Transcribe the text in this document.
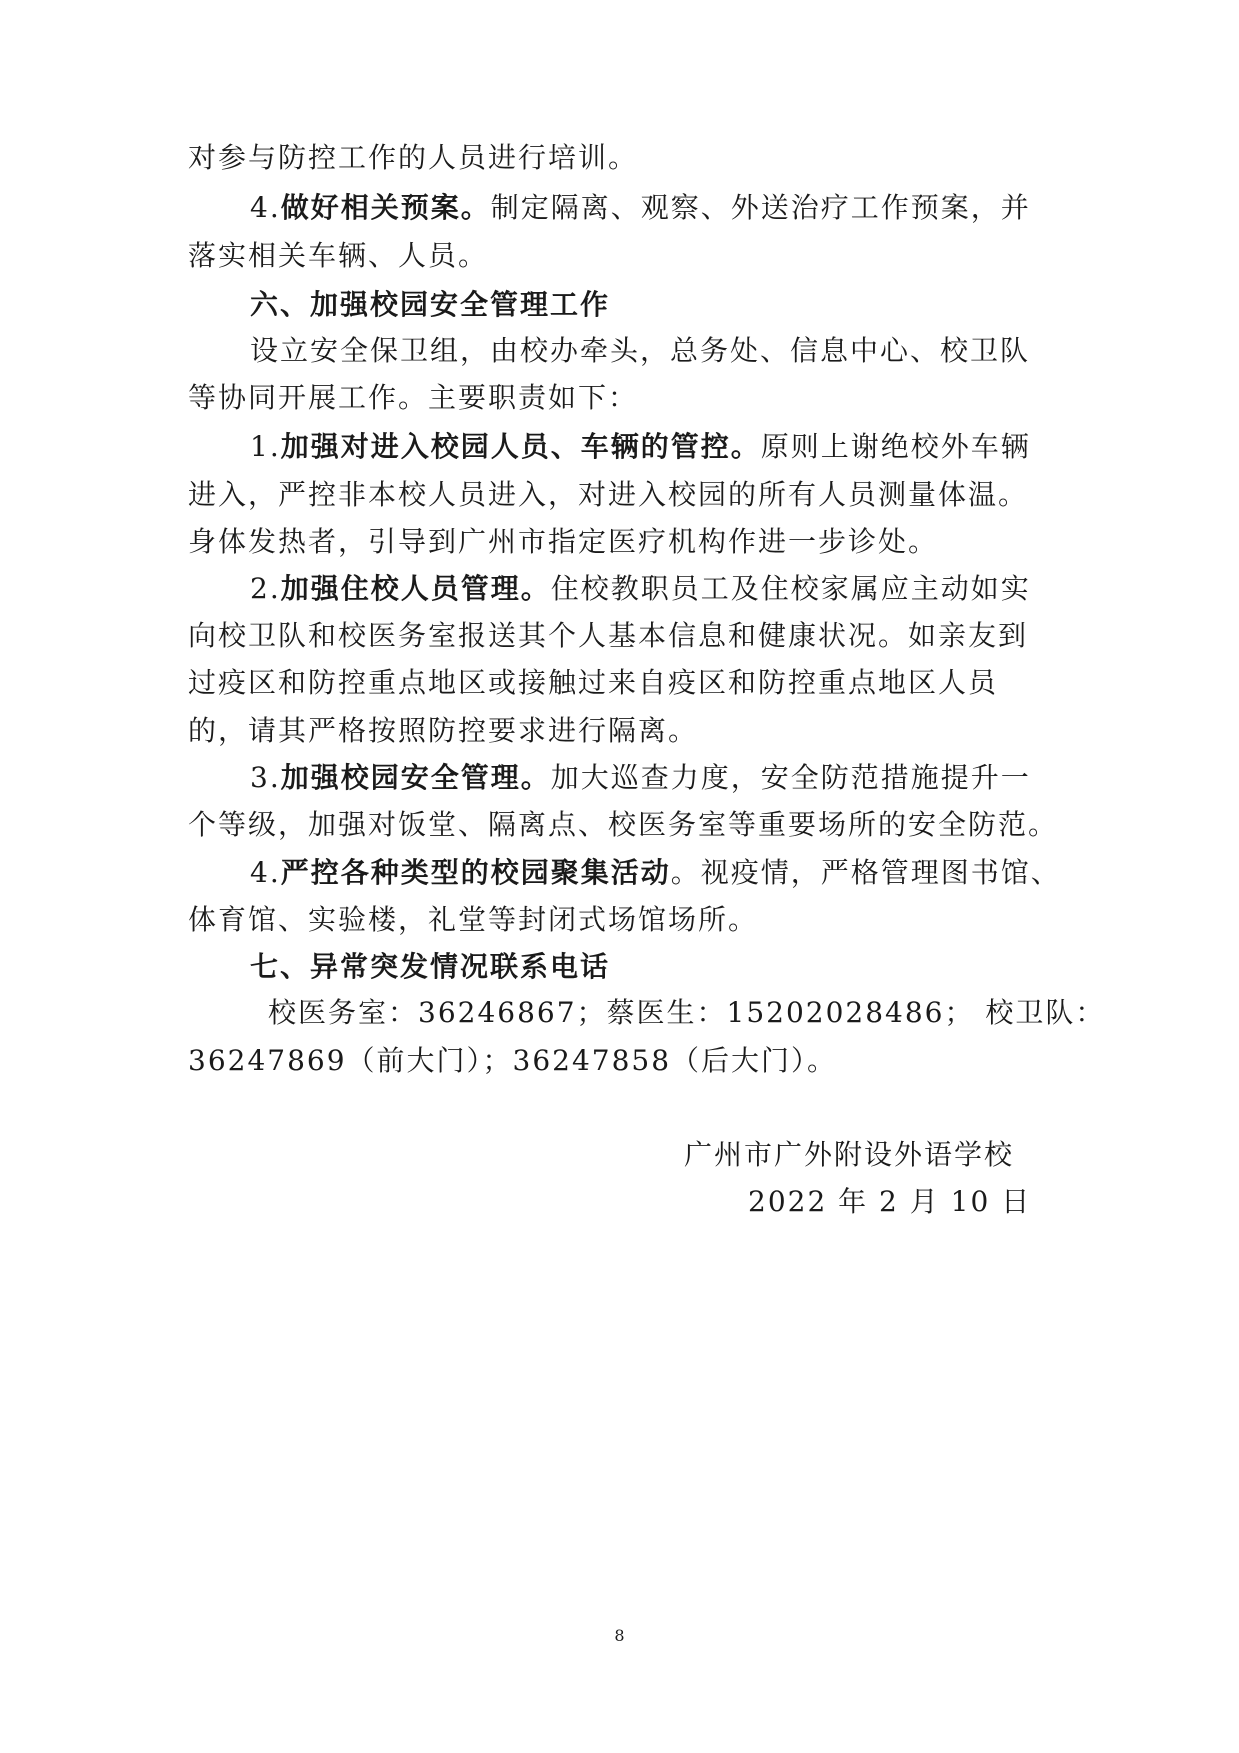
对参与防控工作的人员进行培训。
4.做好相关预案。制定隔离、观察、外送治疗工作预案，并
落实相关车辆、人员。
六、加强校园安全管理工作
设立安全保卫组，由校办牵头，总务处、信息中心、校卫队
等协同开展工作。主要职责如下：
1.加强对进入校园人员、车辆的管控。原则上谢绝校外车辆
进入，严控非本校人员进入，对进入校园的所有人员测量体温。
身体发热者，引导到广州市指定医疗机构作进一步诊处。
2.加强住校人员管理。住校教职员工及住校家属应主动如实
向校卫队和校医务室报送其个人基本信息和健康状况。如亲友到
过疫区和防控重点地区或接触过来自疫区和防控重点地区人员
的，请其严格按照防控要求进行隔离。
3.加强校园安全管理。加大巡查力度，安全防范措施提升一
个等级，加强对饭堂、隔离点、校医务室等重要场所的安全防范。
4.严控各种类型的校园聚集活动。视疫情，严格管理图书馆、
体育馆、实验楼，礼堂等封闭式场馆场所。
七、异常突发情况联系电话
校医务室：36246867；蔡医生：15202028486； 校卫队：
36247869（前大门）；36247858（后大门）。
广州市广外附设外语学校
2022 年 2 月 10 日
8
